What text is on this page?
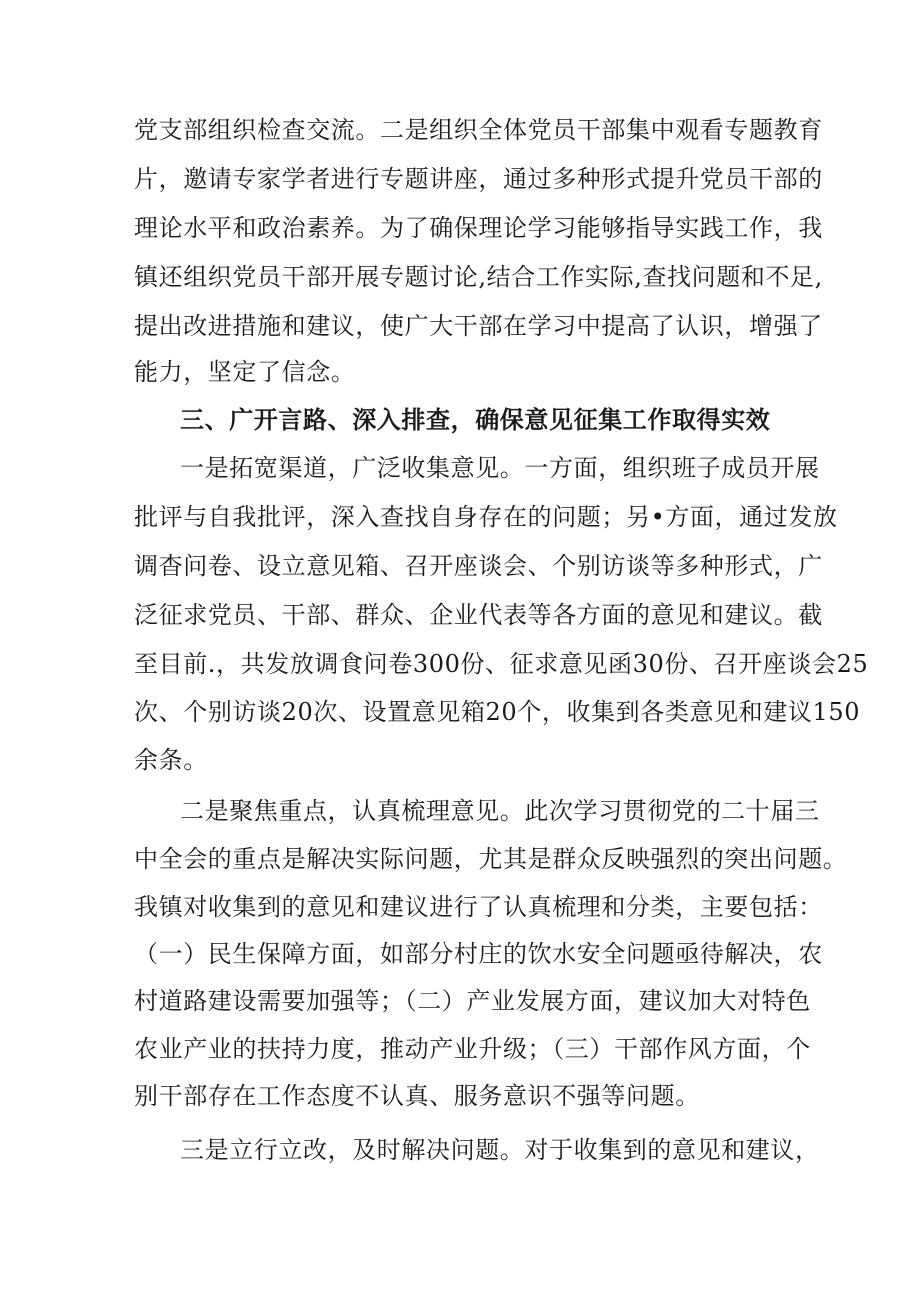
党支部组织检查交流。二是组织全体党员干部集中观看专题教育
片，邀请专家学者进行专题讲座，通过多种形式提升党员干部的
理论水平和政治素养。为了确保理论学习能够指导实践工作，我
镇还组织党员干部开展专题讨论,结合工作实际,查找问题和不足,
提出改进措施和建议，使广大干部在学习中提高了认识，增强了
能力，坚定了信念。
三、广开言路、深入排查，确保意见征集工作取得实效
一是拓宽渠道，广泛收集意见。一方面，组织班子成员开展
批评与自我批评，深入查找自身存在的问题；另•方面，通过发放
调杳问卷、设立意见箱、召开座谈会、个别访谈等多种形式，广
泛征求党员、干部、群众、企业代表等各方面的意见和建议。截
至目前.，共发放调食问卷300份、征求意见函30份、召开座谈会25
次、个别访谈20次、设置意见箱20个，收集到各类意见和建议150
余条。
二是聚焦重点，认真梳理意见。此次学习贯彻党的二十届三
中全会的重点是解决实际问题，尤其是群众反映强烈的突出问题。
我镇对收集到的意见和建议进行了认真梳理和分类，主要包括：
（一）民生保障方面，如部分村庄的饮水安全问题亟待解决，农
村道路建设需要加强等；（二）产业发展方面，建议加大对特色
农业产业的扶持力度，推动产业升级；（三）干部作风方面，个
别干部存在工作态度不认真、服务意识不强等问题。
三是立行立改，及时解决问题。对于收集到的意见和建议，
